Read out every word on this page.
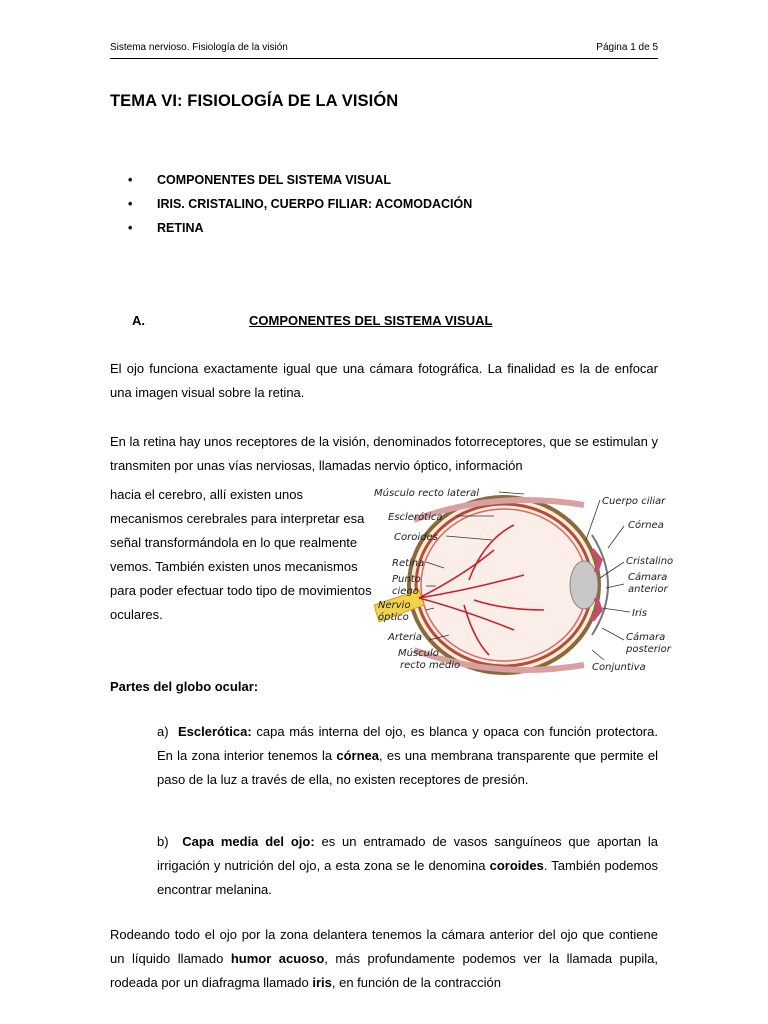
Sistema nervioso. Fisiología de la visión	Página 1 de 5
TEMA VI: FISIOLOGÍA DE LA VISIÓN
•	COMPONENTES DEL SISTEMA VISUAL
•	IRIS. CRISTALINO, CUERPO FILIAR: ACOMODACIÓN
•	RETINA
A.	COMPONENTES DEL SISTEMA VISUAL
El ojo funciona exactamente igual que una cámara fotográfica. La finalidad es la de enfocar una imagen visual sobre la retina.
En la retina hay unos receptores de la visión, denominados fotorreceptores, que se estimulan y transmiten por unas vías nerviosas, llamadas nervio óptico, información
hacia el cerebro, allí existen unos mecanismos cerebrales para interpretar esa señal transformándola en lo que realmente vemos. También existen unos mecanismos para poder efectuar todo tipo de movimientos oculares.
Músculo recto lateral
Esclerótica
Coroides
Retina
Punto
ciego
Nervio
óptico
Arteria
Músculo
recto medio
Cuerpo ciliar
Córnea
Cristalino
Cámara
anterior
Iris
Cámara
posterior
Conjuntiva
Partes del globo ocular:
a) Esclerótica: capa más interna del ojo, es blanca y opaca con función protectora. En la zona interior tenemos la córnea, es una membrana transparente que permite el paso de la luz a través de ella, no existen receptores de presión.
b) Capa media del ojo: es un entramado de vasos sanguíneos que aportan la irrigación y nutrición del ojo, a esta zona se le denomina coroides. También podemos encontrar melanina.
Rodeando todo el ojo por la zona delantera tenemos la cámara anterior del ojo que contiene un líquido llamado humor acuoso, más profundamente podemos ver la llamada pupila, rodeada por un diafragma llamado iris, en función de la contracción
